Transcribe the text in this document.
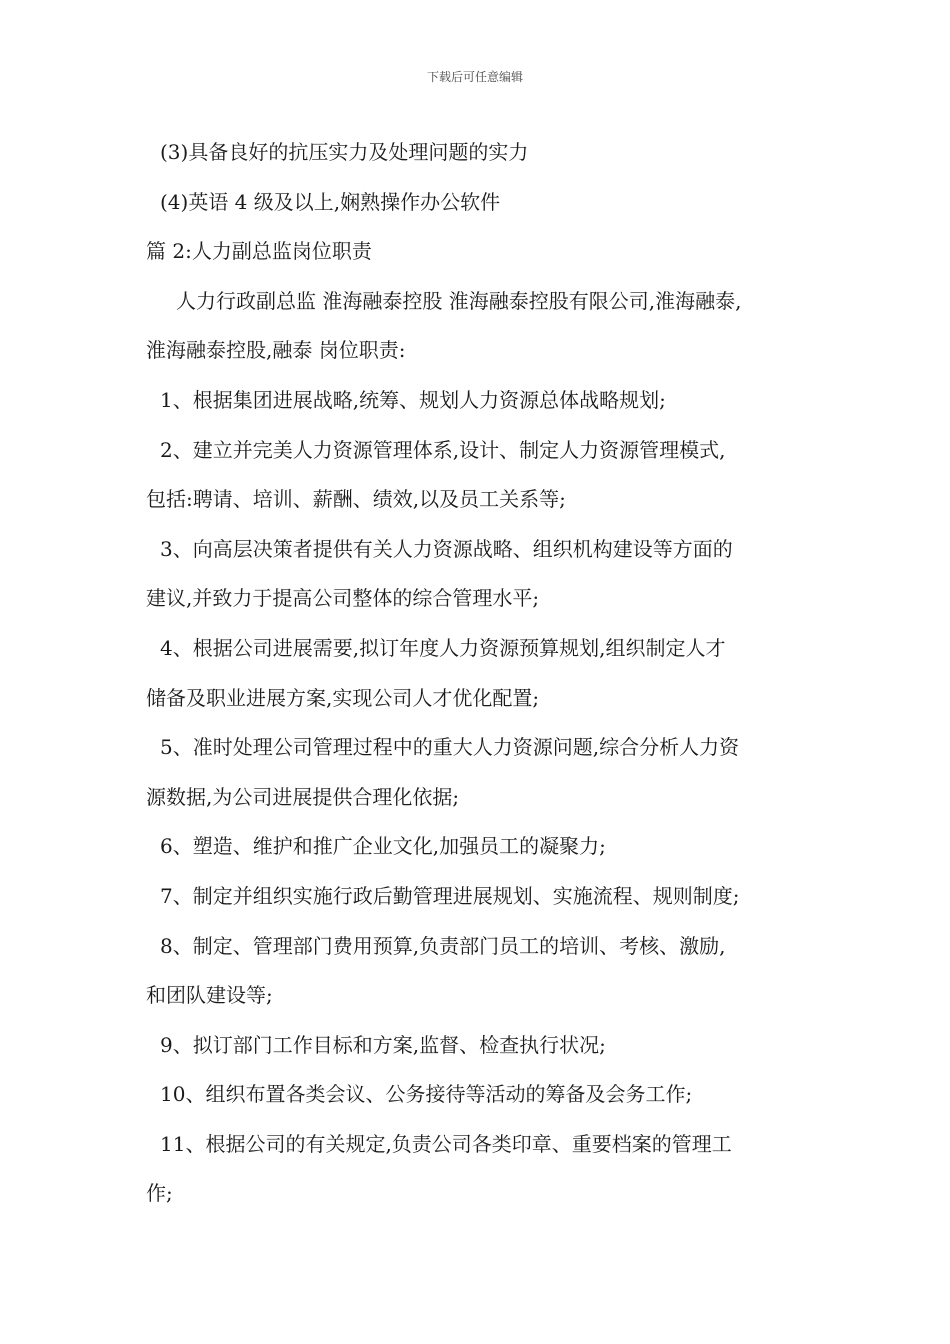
下载后可任意编辑
(3)具备良好的抗压实力及处理问题的实力
(4)英语 4 级及以上,娴熟操作办公软件
篇 2:人力副总监岗位职责
人力行政副总监 淮海融泰控股 淮海融泰控股有限公司,淮海融泰,
淮海融泰控股,融泰 岗位职责:
1、根据集团进展战略,统筹、规划人力资源总体战略规划;
2、建立并完美人力资源管理体系,设计、制定人力资源管理模式,
包括:聘请、培训、薪酬、绩效,以及员工关系等;
3、向高层决策者提供有关人力资源战略、组织机构建设等方面的
建议,并致力于提高公司整体的综合管理水平;
4、根据公司进展需要,拟订年度人力资源预算规划,组织制定人才
储备及职业进展方案,实现公司人才优化配置;
5、准时处理公司管理过程中的重大人力资源问题,综合分析人力资
源数据,为公司进展提供合理化依据;
6、塑造、维护和推广企业文化,加强员工的凝聚力;
7、制定并组织实施行政后勤管理进展规划、实施流程、规则制度;
8、制定、管理部门费用预算,负责部门员工的培训、考核、激励,
和团队建设等;
9、拟订部门工作目标和方案,监督、检查执行状况;
10、组织布置各类会议、公务接待等活动的筹备及会务工作;
11、根据公司的有关规定,负责公司各类印章、重要档案的管理工
作;
